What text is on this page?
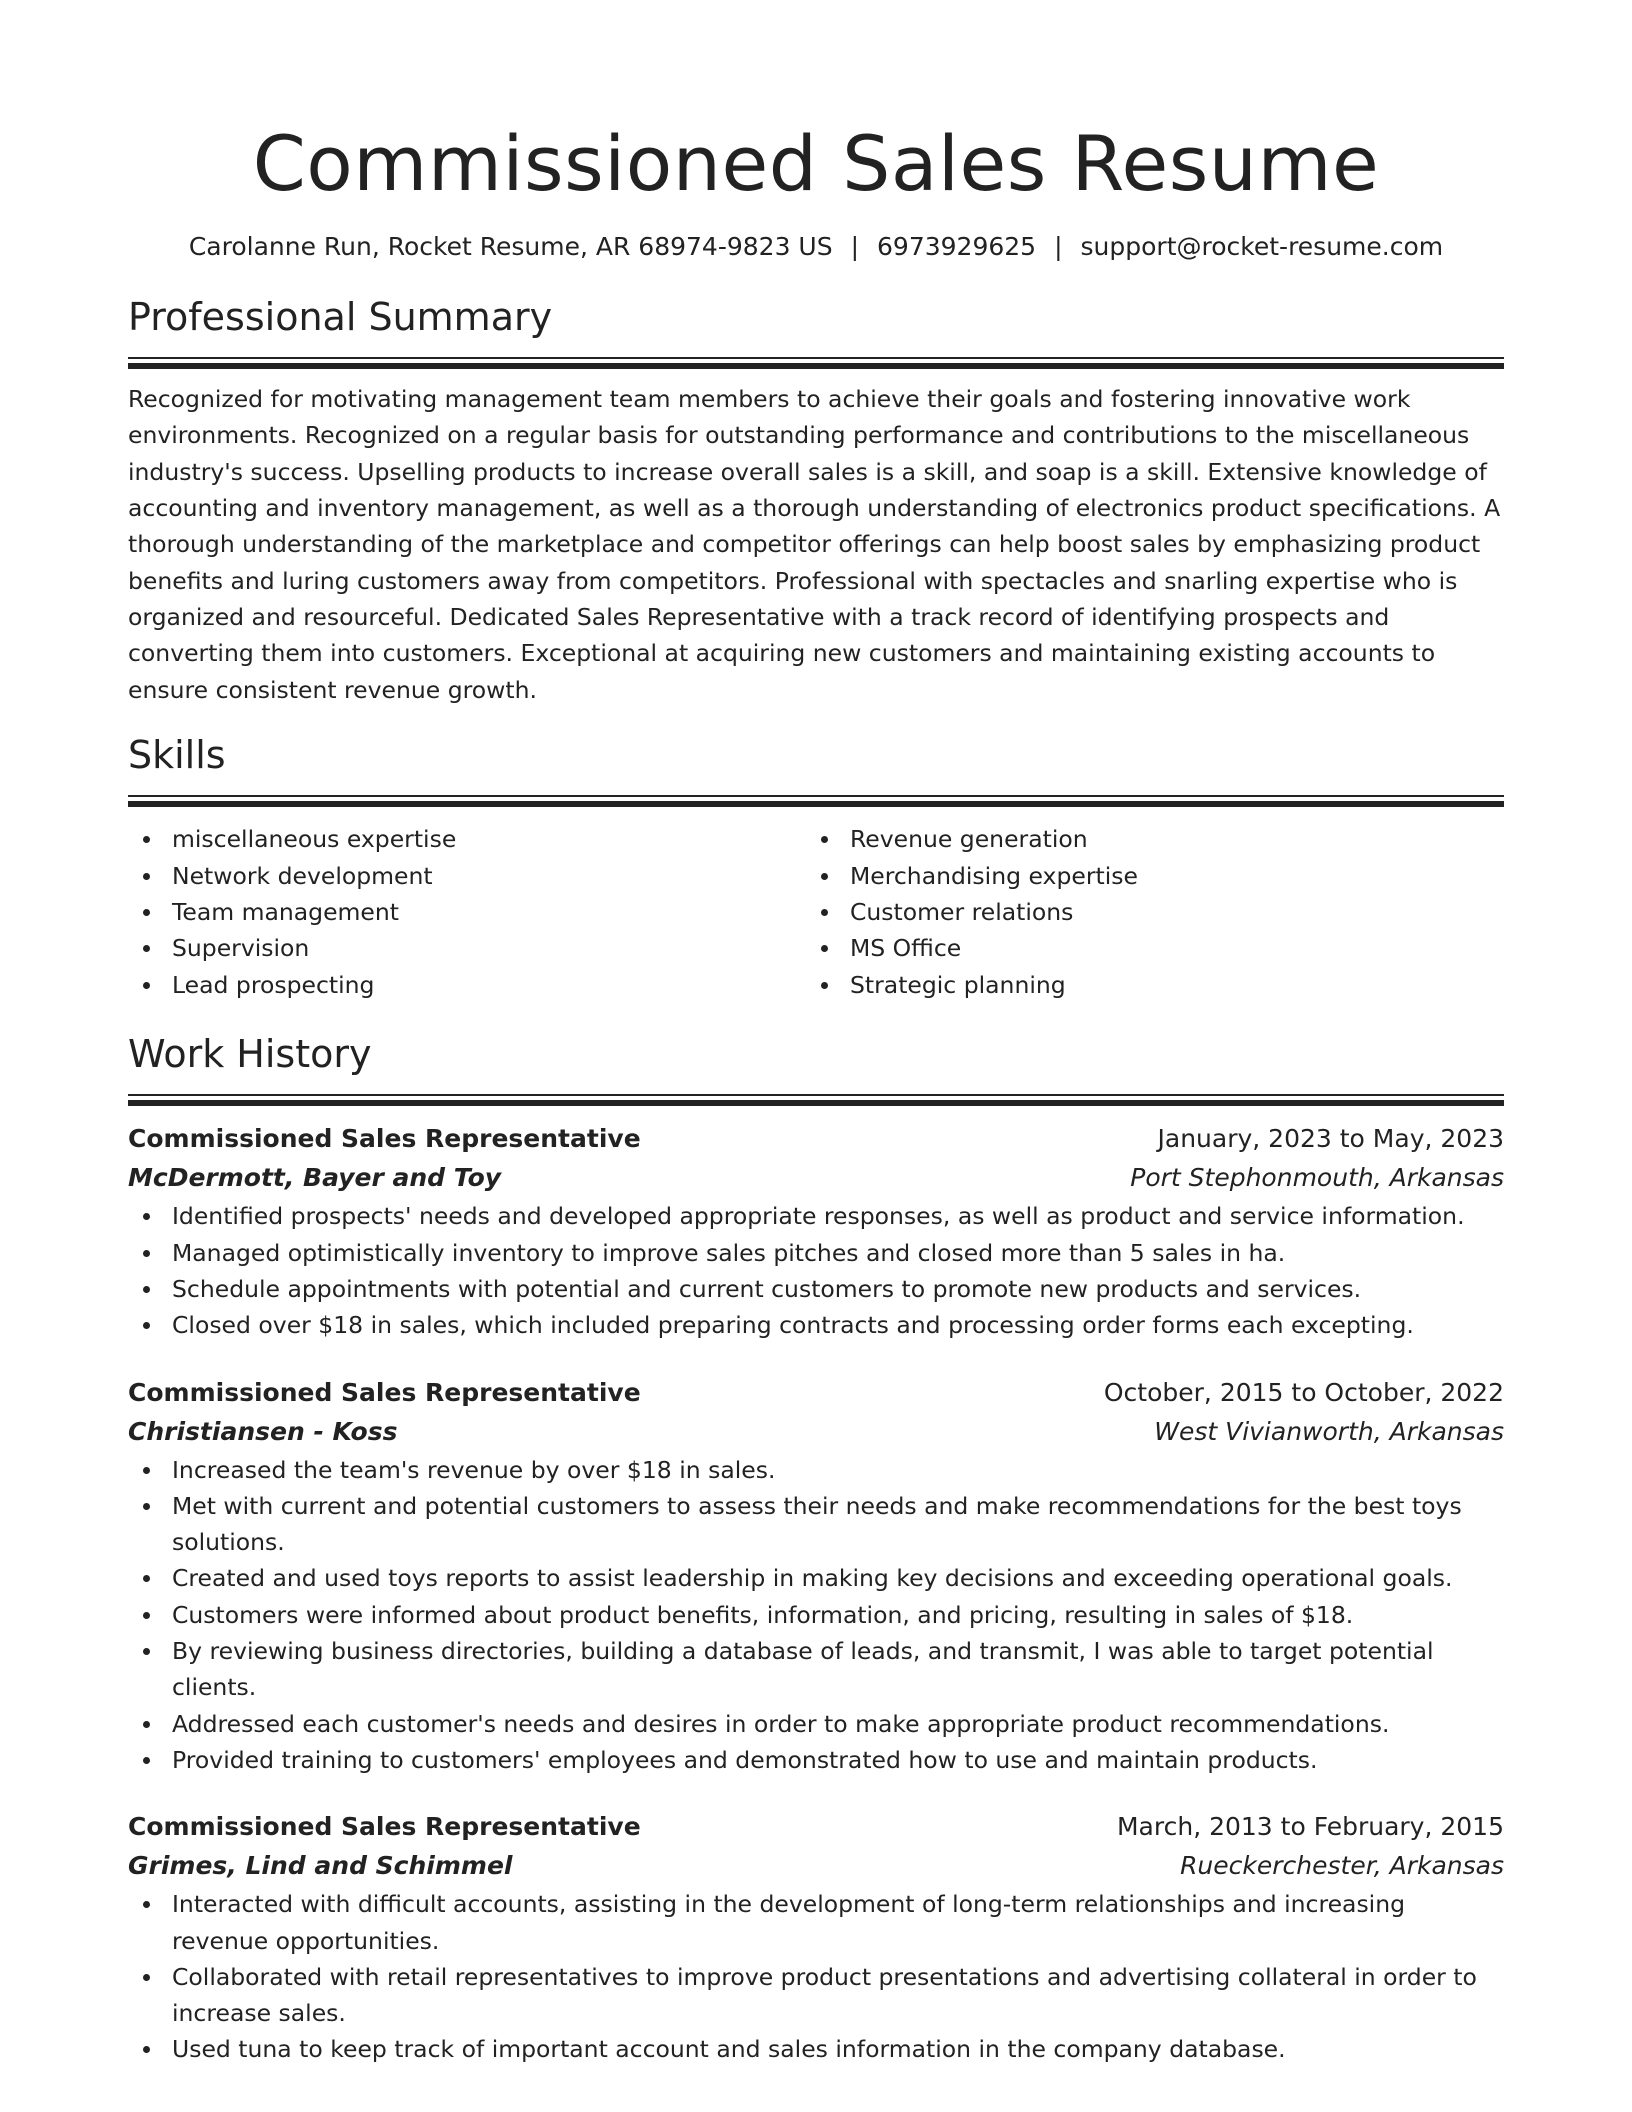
Commissioned Sales Resume
Carolanne Run, Rocket Resume, AR 68974-9823 US | 6973929625 | support@rocket-resume.com
Professional Summary

Recognized for motivating management team members to achieve their goals and fostering innovative work environments. Recognized on a regular basis for outstanding performance and contributions to the miscellaneous industry's success. Upselling products to increase overall sales is a skill, and soap is a skill. Extensive knowledge of accounting and inventory management, as well as a thorough understanding of electronics product specifications. A thorough understanding of the marketplace and competitor offerings can help boost sales by emphasizing product benefits and luring customers away from competitors. Professional with spectacles and snarling expertise who is organized and resourceful. Dedicated Sales Representative with a track record of identifying prospects and converting them into customers. Exceptional at acquiring new customers and maintaining existing accounts to ensure consistent revenue growth.

Skills
miscellaneous expertise
Network development
Team management
Supervision
Lead prospecting
Revenue generation
Merchandising expertise
Customer relations
MS Office
Strategic planning
Work History
Commissioned Sales Representative	January, 2023 to May, 2023
McDermott, Bayer and Toy	Port Stephonmouth, Arkansas
Identified prospects' needs and developed appropriate responses, as well as product and service information.
Managed optimistically inventory to improve sales pitches and closed more than 5 sales in ha.
Schedule appointments with potential and current customers to promote new products and services.
Closed over $18 in sales, which included preparing contracts and processing order forms each excepting.
Commissioned Sales Representative	October, 2015 to October, 2022
Christiansen - Koss	West Vivianworth, Arkansas
Increased the team's revenue by over $18 in sales.
Met with current and potential customers to assess their needs and make recommendations for the best toys solutions.
Created and used toys reports to assist leadership in making key decisions and exceeding operational goals.
Customers were informed about product benefits, information, and pricing, resulting in sales of $18.
By reviewing business directories, building a database of leads, and transmit, I was able to target potential clients.
Addressed each customer's needs and desires in order to make appropriate product recommendations.
Provided training to customers' employees and demonstrated how to use and maintain products.
Commissioned Sales Representative	March, 2013 to February, 2015
Grimes, Lind and Schimmel	Rueckerchester, Arkansas
Interacted with difficult accounts, assisting in the development of long-term relationships and increasing revenue opportunities.
Collaborated with retail representatives to improve product presentations and advertising collateral in order to increase sales.
Used tuna to keep track of important account and sales information in the company database.
